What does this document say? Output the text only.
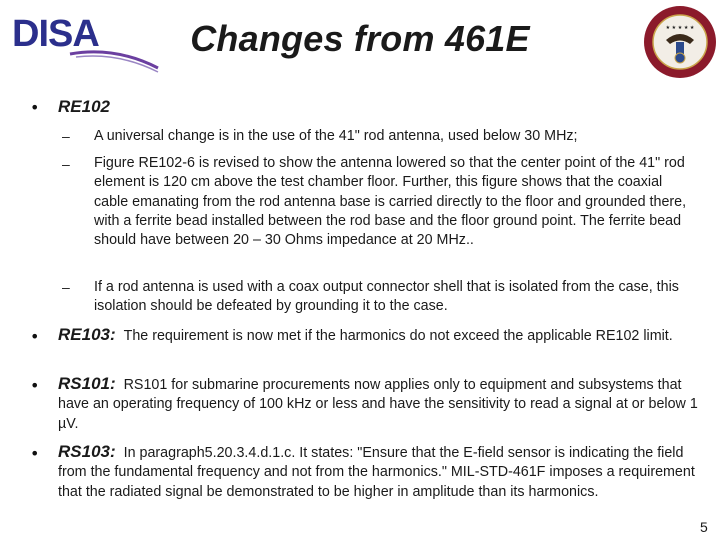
DISA	Changes from 461E	★ ★ ★ ★ ★
• RE102
– A universal change is in the use of the 41" rod antenna, used below 30 MHz;
– Figure RE102-6 is revised to show the antenna lowered so that the center point of the 41" rod element is 120 cm above the test chamber floor. Further, this figure shows that the coaxial cable emanating from the rod antenna base is carried directly to the floor and grounded there, with a ferrite bead installed between the rod base and the floor ground point. The ferrite bead should have between 20 – 30 Ohms impedance at 20 MHz..
– If a rod antenna is used with a coax output connector shell that is isolated from the case, this isolation should be defeated by grounding it to the case.
• RE103: The requirement is now met if the harmonics do not exceed the applicable RE102 limit.
• RS101: RS101 for submarine procurements now applies only to equipment and subsystems that have an operating frequency of 100 kHz or less and have the sensitivity to read a signal at or below 1 µV.
• RS103: In paragraph5.20.3.4.d.1.c. It states: "Ensure that the E-field sensor is indicating the field from the fundamental frequency and not from the harmonics." MIL-STD-461F imposes a requirement that the radiated signal be demonstrated to be higher in amplitude than its harmonics.
5
